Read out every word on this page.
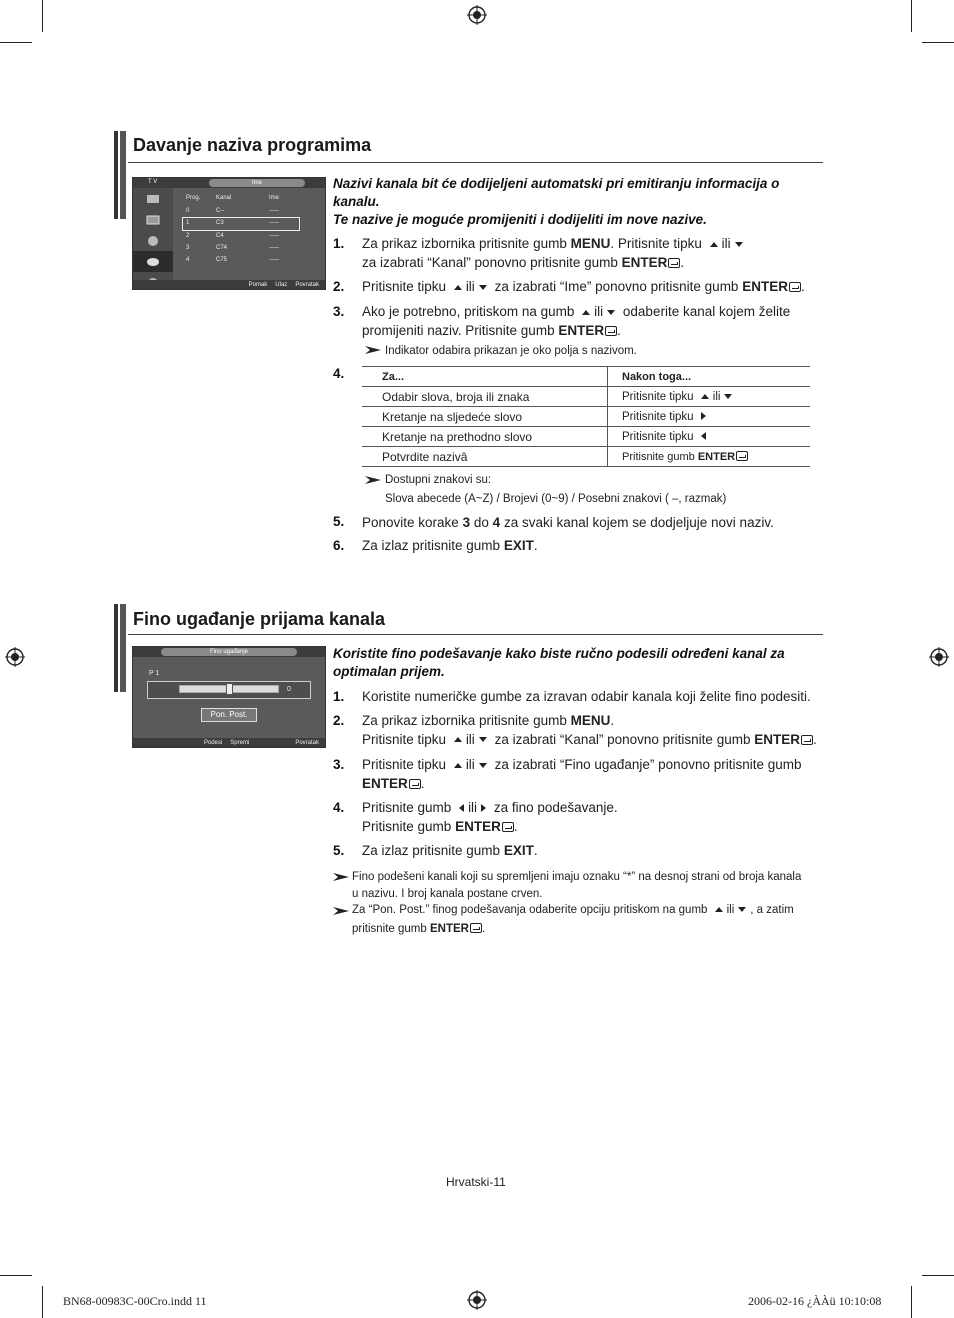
Davanje naziva programima
T V	Ime
Prog.	Kanal	Ime
0	C--	-----
1	C3	-----
2	C4	-----
3	C74	-----
4	C75	-----
Pomak Ulaz Povratak
Nazivi kanala bit će dodijeljeni automatski pri emitiranju informacija o
kanalu.
Te nazive je moguće promijeniti i dodijeliti im nove nazive.
1. Za prikaz izbornika pritisnite gumb MENU. Pritisnite tipku ili
za izabrati “Kanal” ponovno pritisnite gumb ENTER .
2. Pritisnite tipku ili za izabrati “Ime” ponovno pritisnite gumb ENTER .
3. Ako je potrebno, pritiskom na gumb ili odaberite kanal kojem želite
promijeniti naziv. Pritisnite gumb ENTER .
Indikator odabira prikazan je oko polja s nazivom.
4.	Za...	Nakon toga...
Odabir slova, broja ili znaka	Pritisnite tipku ili
Kretanje na sljedeće slovo	Pritisnite tipku
Kretanje na prethodno slovo	Pritisnite tipku
Potvrdite nazivâ	Pritisnite gumb ENTER
Dostupni znakovi su:
Slova abecede (A~Z) / Brojevi (0~9) / Posebni znakovi ( –, razmak)
5. Ponovite korake 3 do 4 za svaki kanal kojem se dodjeljuje novi naziv.
6. Za izlaz pritisnite gumb EXIT.
Fino ugađanje prijama kanala
Fino ugađanje
P 1
0
Pon. Post.
Podesi Spremi	Povratak
Koristite fino podešavanje kako biste ručno podesili određeni kanal za
optimalan prijem.
1. Koristite numeričke gumbe za izravan odabir kanala koji želite fino podesiti.
2. Za prikaz izbornika pritisnite gumb MENU.
Pritisnite tipku ili za izabrati “Kanal” ponovno pritisnite gumb ENTER .
3. Pritisnite tipku ili za izabrati “Fino ugađanje” ponovno pritisnite gumb
ENTER .
4. Pritisnite gumb ili za fino podešavanje.
Pritisnite gumb ENTER .
5. Za izlaz pritisnite gumb EXIT.
Fino podešeni kanali koji su spremljeni imaju oznaku “*” na desnoj strani od broja kanala
u nazivu. I broj kanala postane crven.
Za “Pon. Post.” finog podešavanja odaberite opciju pritiskom na gumb ili , a zatim
pritisnite gumb ENTER .
Hrvatski-11
BN68-00983C-00Cro.indd 11	2006-02-16 ¿ÀÀü 10:10:08
